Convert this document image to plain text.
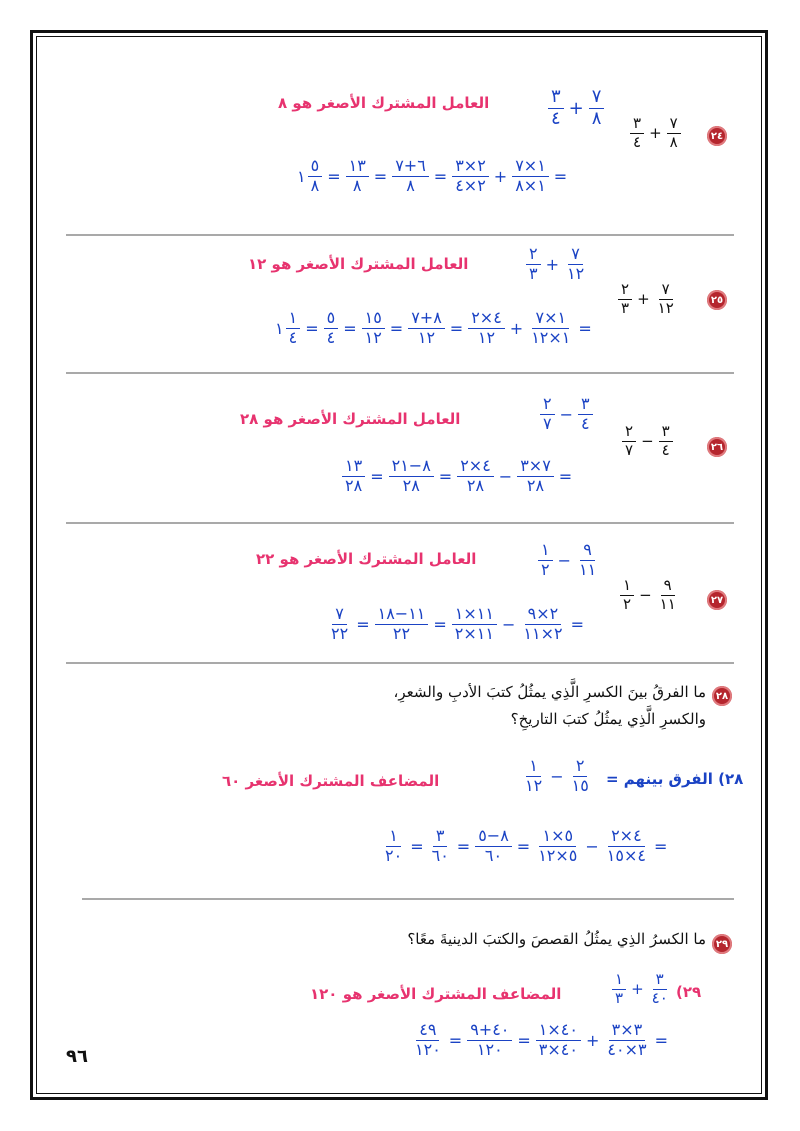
٢٤
$\frac{٣}{٤} + \frac{٧}{٨}$
$\frac{٣}{٤} + \frac{٧}{٨}$
العامل المشترك الأصغر هو ٨
١ $\frac{٥}{٨} = \frac{١٣}{٨} = \frac{٦+٧}{٨} = \frac{٢\times ٣}{٢\times ٤} + \frac{١\times ٧}{١\times ٨}$ =
٢٥
$\frac{٢}{٣} + \frac{٧}{١٢}$
$\frac{٢}{٣} + \frac{٧}{١٢}$
العامل المشترك الأصغر هو ١٢
١ $\frac{١}{٤} = \frac{٥}{٤} = \frac{١٥}{١٢} = \frac{٨+٧}{١٢} = \frac{٤\times ٢}{١٢} + \frac{١\times ٧}{١\times ١٢}$ =
٢٦
$\frac{٢}{٧} - \frac{٣}{٤}$
$\frac{٢}{٧} - \frac{٣}{٤}$
العامل المشترك الأصغر هو ٢٨
$\frac{١٣}{٢٨} = \frac{٨-٢١}{٢٨} = \frac{٤\times ٢}{٢٨} - \frac{٧\times ٣}{٢٨}$ =
٢٧
$\frac{١}{٢} - \frac{٩}{١١}$
$\frac{١}{٢} - \frac{٩}{١١}$
العامل المشترك الأصغر هو ٢٢
$\frac{٧}{٢٢} = \frac{١١-١٨}{٢٢} = \frac{١١\times ١}{١١\times ٢} - \frac{٢\times ٩}{٢\times ١١}$ =
٢٨
ما الفرقُ بينَ الكسرِ الَّذِي يمثُلُ كتبَ الأدبِ والشعرِ،
والكسرِ الَّذِي يمثُلُ كتبَ التاريخِ؟
٢٨) الفرق بينهم =
$\frac{١}{١٢} - \frac{٢}{١٥}$
المضاعف المشترك الأصغر ٦٠
$\frac{١}{٢٠} = \frac{٣}{٦٠} = \frac{٨-٥}{٦٠} = \frac{٥\times ١}{٥\times ١٢} - \frac{٤\times ٢}{٤\times ١٥}$ =
٢٩
ما الكسرُ الذِي يمثُلُ القصصَ والكتبَ الدينيةَ معًا؟
٢٩)
$\frac{١}{٣} + \frac{٣}{٤٠}$
المضاعف المشترك الأصغر هو ١٢٠
$\frac{٤٩}{١٢٠} = \frac{٤٠+٩}{١٢٠} = \frac{٤٠\times ١}{٤٠\times ٣} + \frac{٣\times ٣}{٣\times ٤٠}$ =
٩٦
